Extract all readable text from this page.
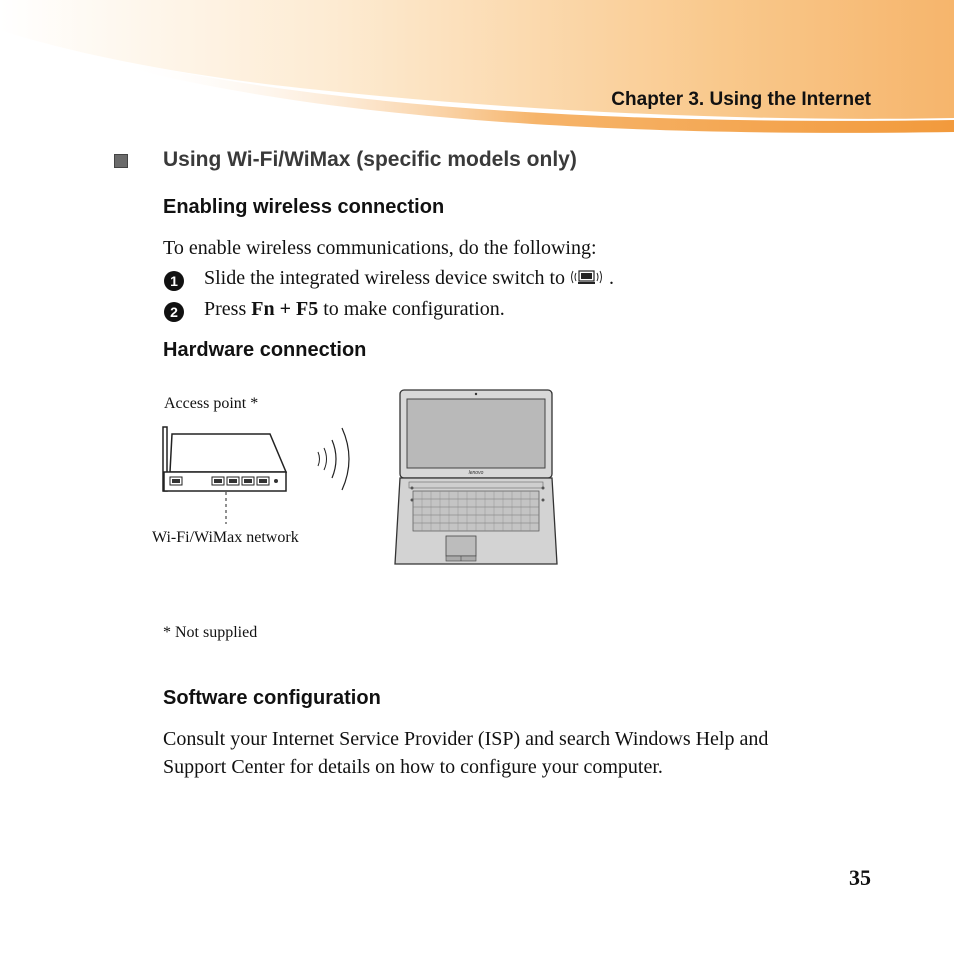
Chapter 3. Using the Internet
Using Wi-Fi/WiMax (specific models only)
Enabling wireless connection
To enable wireless communications, do the following:
1 Slide the integrated wireless device switch to .
2 Press Fn + F5 to make configuration.
Hardware connection
Access point *
Wi-Fi/WiMax network
lenovo
* Not supplied
Software configuration
Consult your Internet Service Provider (ISP) and search Windows Help and
Support Center for details on how to configure your computer.
35
